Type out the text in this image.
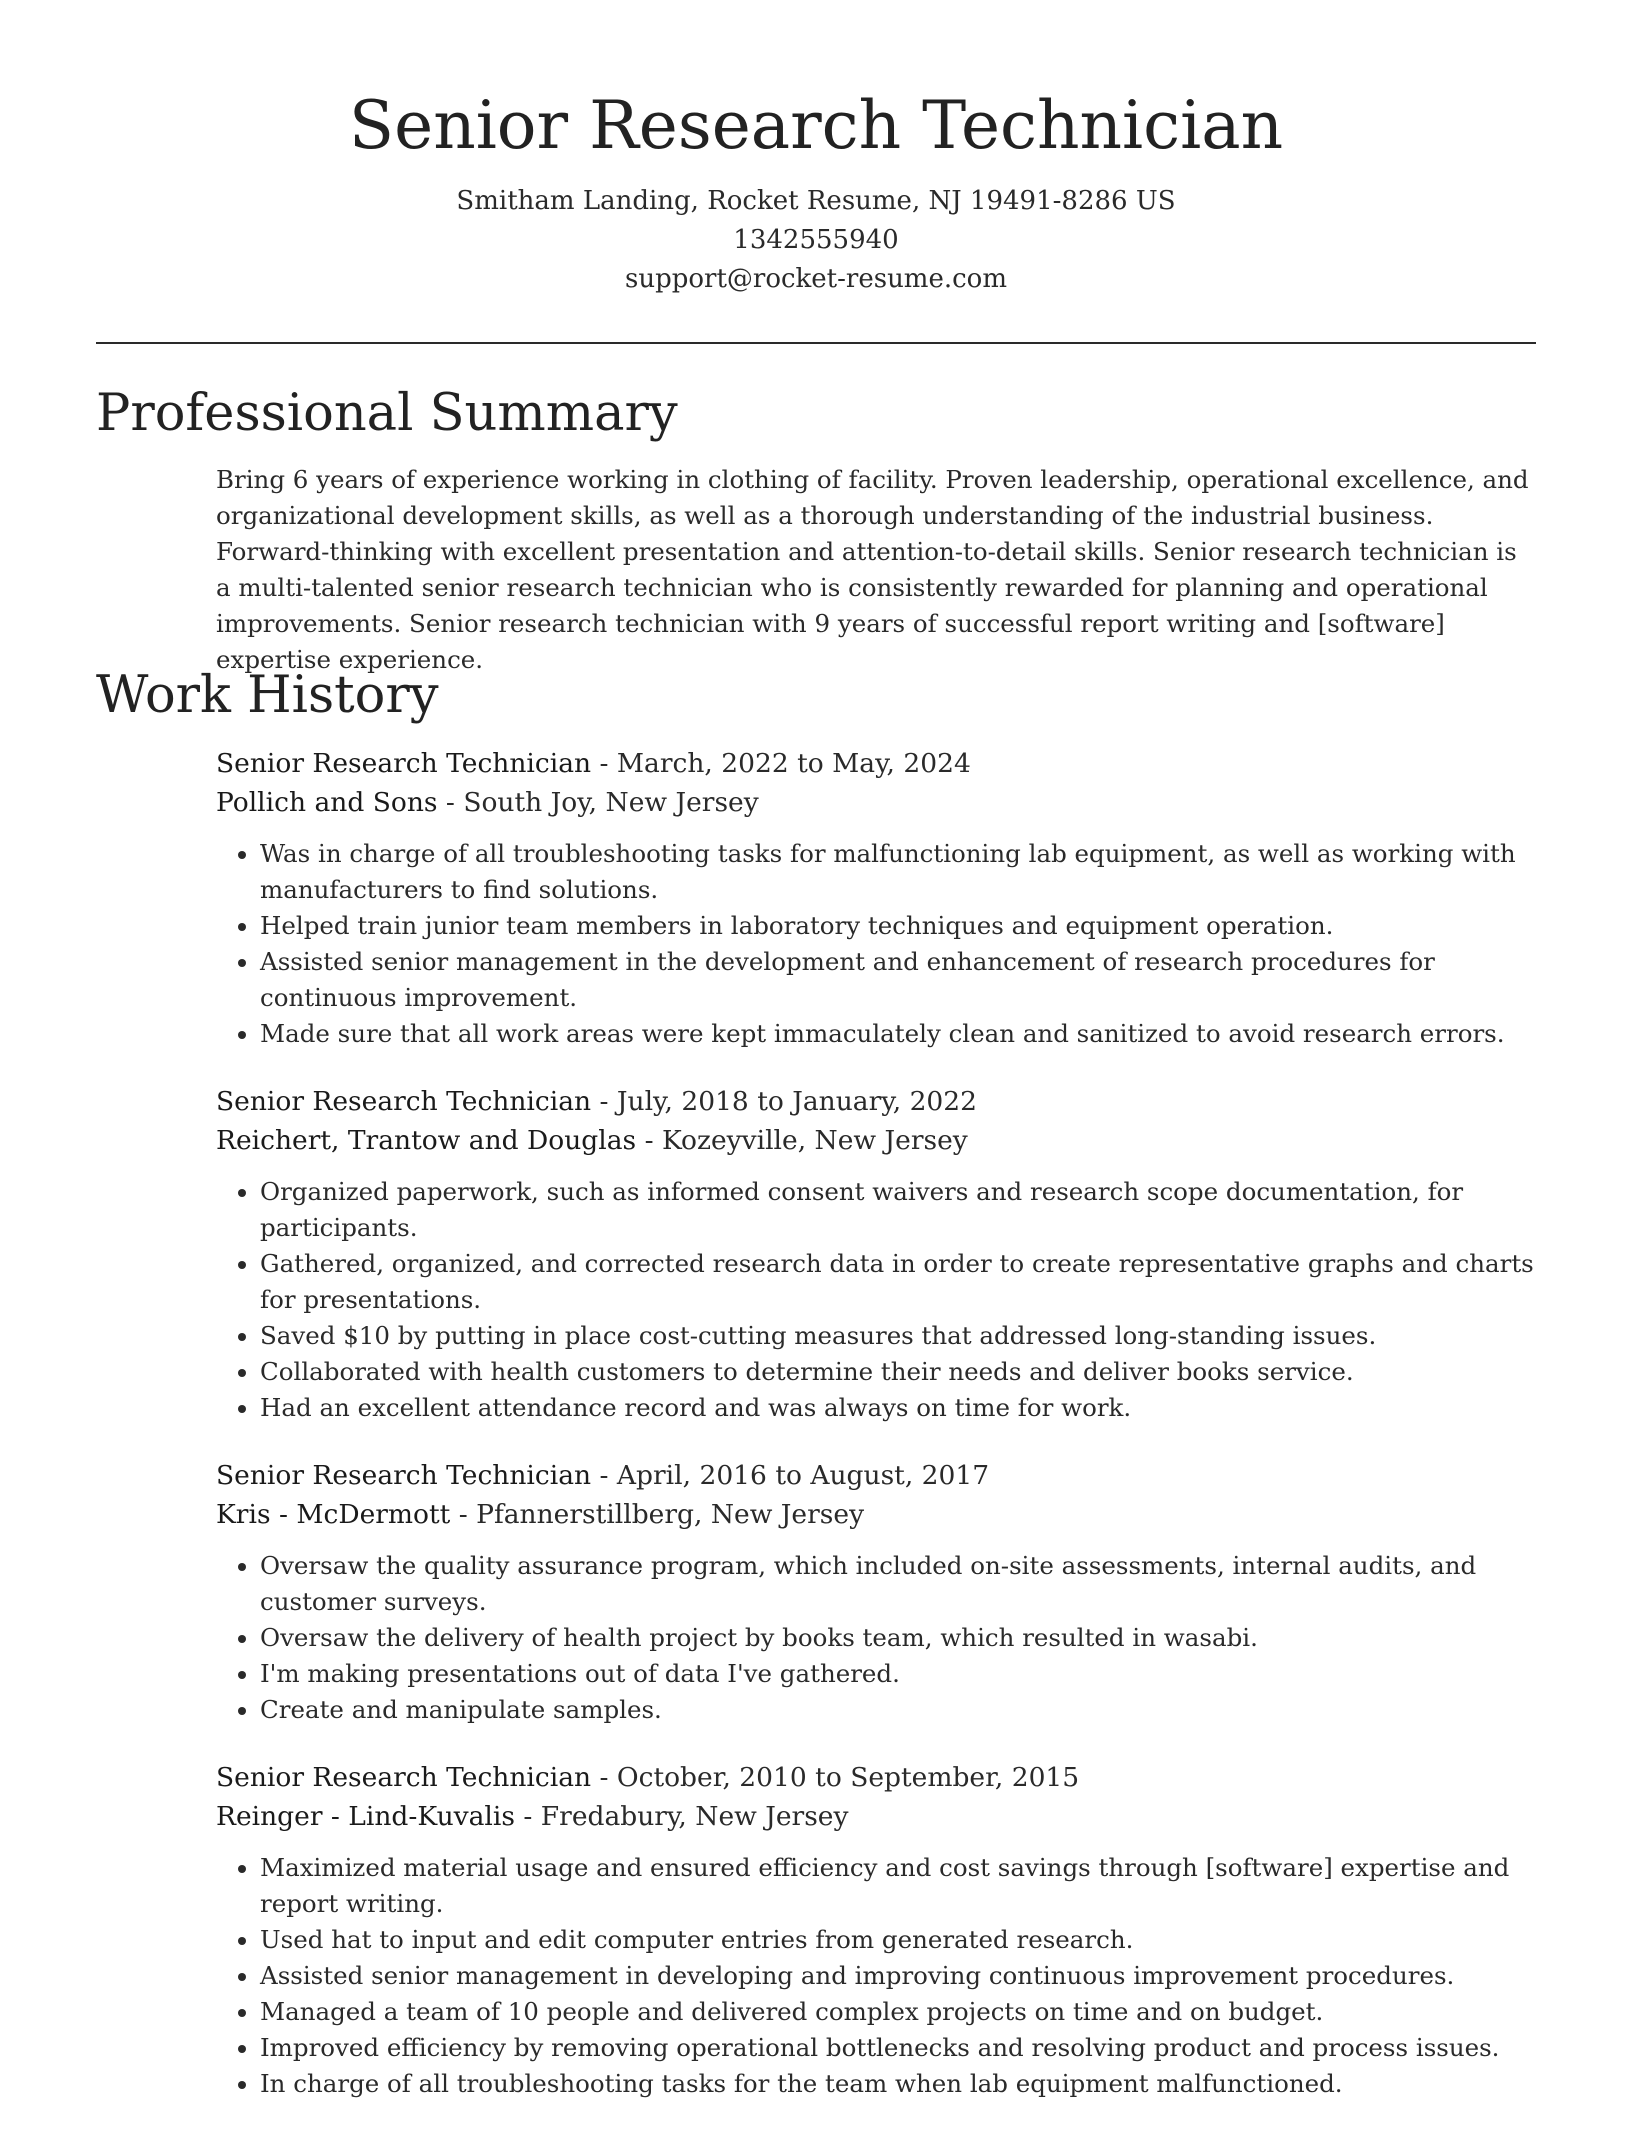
Senior Research Technician
Smitham Landing, Rocket Resume, NJ 19491-8286 US
1342555940
support@rocket-resume.com
Professional Summary

Bring 6 years of experience working in clothing of facility. Proven leadership, operational excellence, and organizational development skills, as well as a thorough understanding of the industrial business. Forward-thinking with excellent presentation and attention-to-detail skills. Senior research technician is a multi-talented senior research technician who is consistently rewarded for planning and operational improvements. Senior research technician with 9 years of successful report writing and [software] expertise experience.

Work History
Senior Research Technician - March, 2022 to May, 2024
Pollich and Sons - South Joy, New Jersey
• Was in charge of all troubleshooting tasks for malfunctioning lab equipment, as well as working with manufacturers to find solutions.
• Helped train junior team members in laboratory techniques and equipment operation.
• Assisted senior management in the development and enhancement of research procedures for continuous improvement.
• Made sure that all work areas were kept immaculately clean and sanitized to avoid research errors.
Senior Research Technician - July, 2018 to January, 2022
Reichert, Trantow and Douglas - Kozeyville, New Jersey
• Organized paperwork, such as informed consent waivers and research scope documentation, for participants.
• Gathered, organized, and corrected research data in order to create representative graphs and charts for presentations.
• Saved $10 by putting in place cost-cutting measures that addressed long-standing issues.
• Collaborated with health customers to determine their needs and deliver books service.
• Had an excellent attendance record and was always on time for work.
Senior Research Technician - April, 2016 to August, 2017
Kris - McDermott - Pfannerstillberg, New Jersey
• Oversaw the quality assurance program, which included on-site assessments, internal audits, and customer surveys.
• Oversaw the delivery of health project by books team, which resulted in wasabi.
• I'm making presentations out of data I've gathered.
• Create and manipulate samples.
Senior Research Technician - October, 2010 to September, 2015
Reinger - Lind-Kuvalis - Fredabury, New Jersey
• Maximized material usage and ensured efficiency and cost savings through [software] expertise and report writing.
• Used hat to input and edit computer entries from generated research.
• Assisted senior management in developing and improving continuous improvement procedures.
• Managed a team of 10 people and delivered complex projects on time and on budget.
• Improved efficiency by removing operational bottlenecks and resolving product and process issues.
• In charge of all troubleshooting tasks for the team when lab equipment malfunctioned.
